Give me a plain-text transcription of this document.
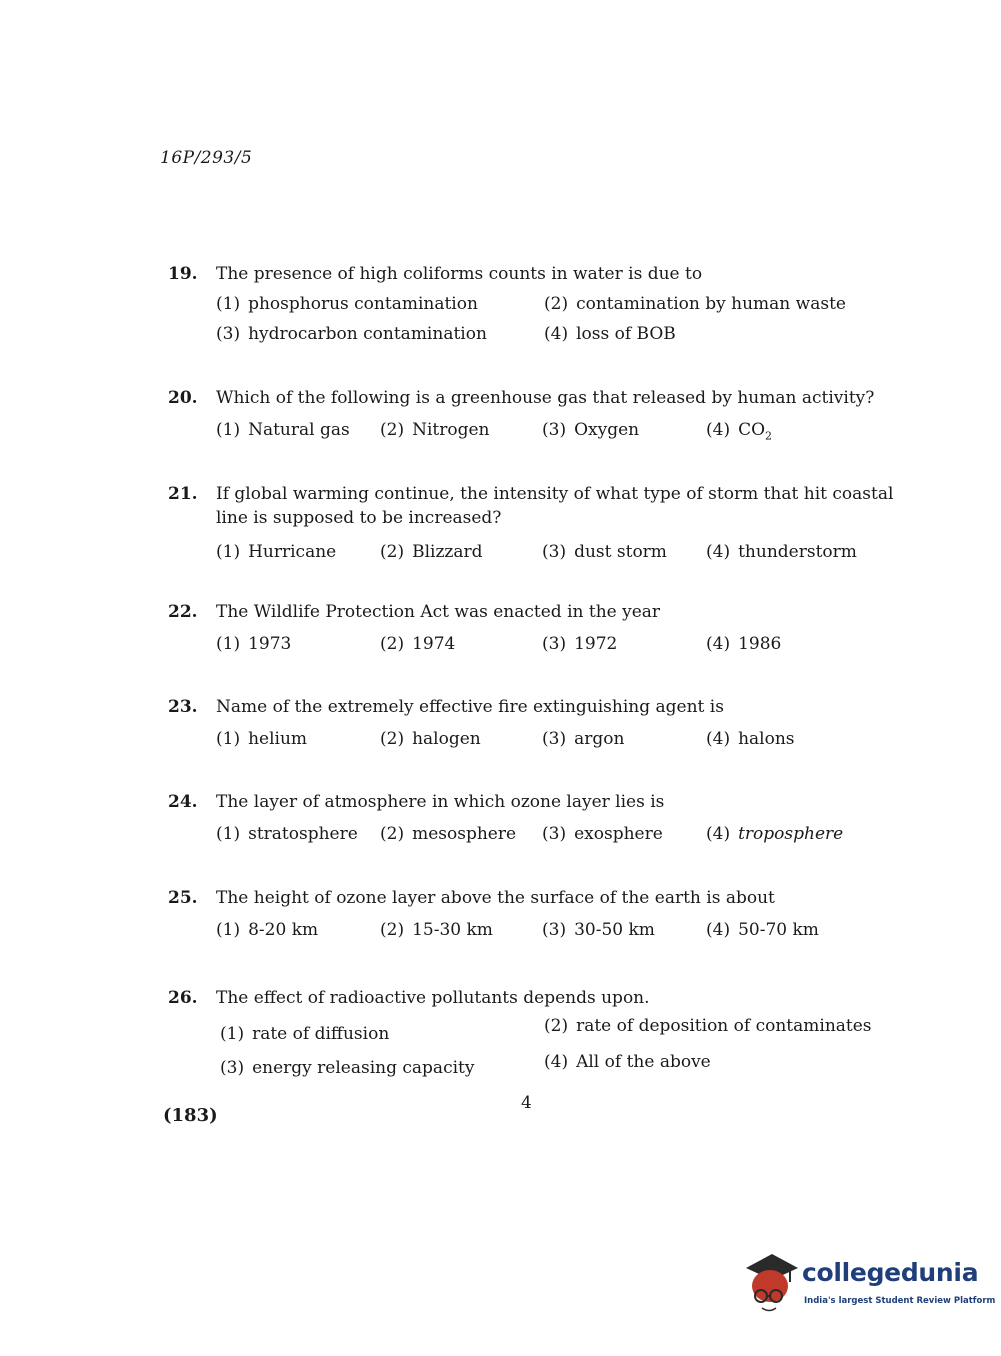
16P/293/5
19.	The presence of high coliforms counts in water is due to
(1) phosphorus contamination	(2) contamination by human waste
(3) hydrocarbon contamination	(4) loss of BOB
20.	Which of the following is a greenhouse gas that released by human activity?
(1) Natural gas (2) Nitrogen	(3) Oxygen	(4) $CO_2$
21.	If global warming continue, the intensity of what type of storm that hit coastal line is supposed to be increased?
(1) Hurricane	(2) Blizzard	(3) dust storm (4) thunderstorm
22.	The Wildlife Protection Act was enacted in the year
(1) 1973	(2) 1974	(3) 1972	(4) 1986
23.	Name of the extremely effective fire extinguishing agent is
(1) helium	(2) halogen	(3) argon	(4) halons
24.	The layer of atmosphere in which ozone layer lies is
(1) stratosphere (2) mesosphere (3) exosphere	(4) troposphere
25.	The height of ozone layer above the surface of the earth is about
(1) 8-20 km	(2) 15-30 km	(3) 30-50 km	(4) 50-70 km
26.	The effect of radioactive pollutants depends upon.
(1) rate of diffusion	(2) rate of deposition of contaminates
(3) energy releasing capacity	(4) All of the above
4
(183)
collegedunia
India's largest Student Review Platform
